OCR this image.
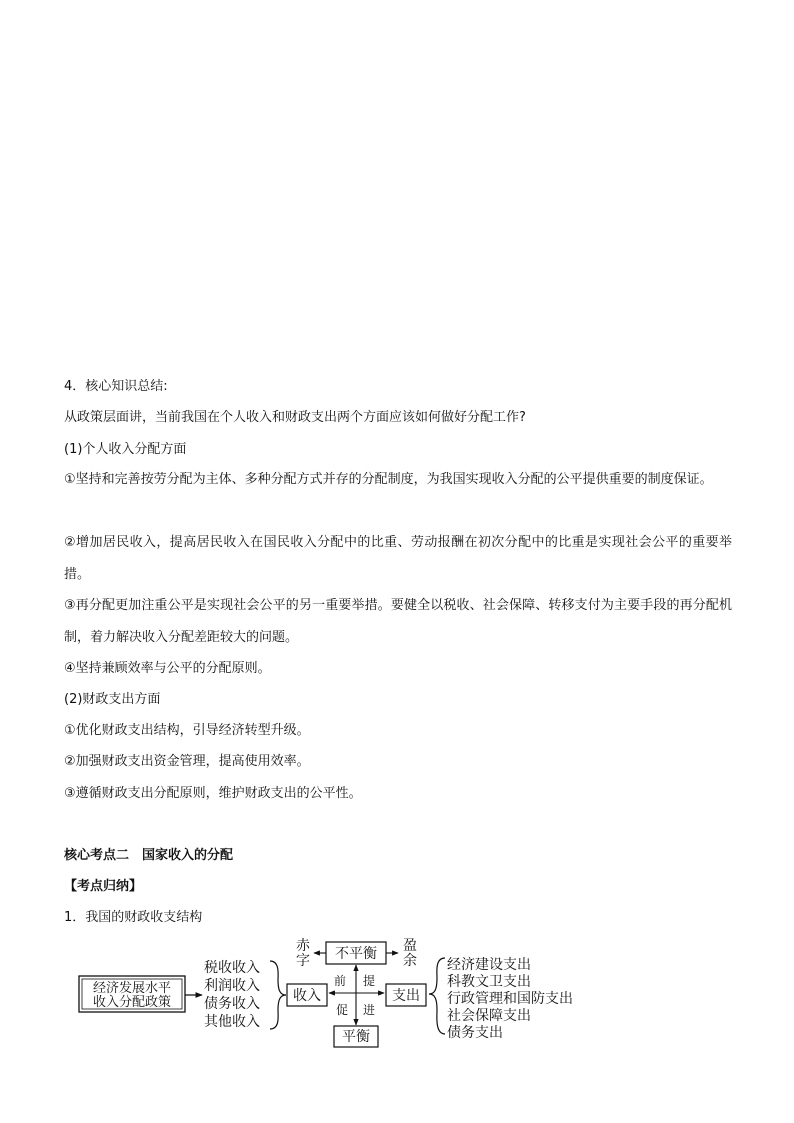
4．核心知识总结:
从政策层面讲，当前我国在个人收入和财政支出两个方面应该如何做好分配工作?
(1)个人收入分配方面
①坚持和完善按劳分配为主体、多种分配方式并存的分配制度，为我国实现收入分配的公平提供重要的制度保证。
②增加居民收入，提高居民收入在国民收入分配中的比重、劳动报酬在初次分配中的比重是实现社会公平的重要举措。
③再分配更加注重公平是实现社会公平的另一重要举措。要健全以税收、社会保障、转移支付为主要手段的再分配机制，着力解决收入分配差距较大的问题。
④坚持兼顾效率与公平的分配原则。
(2)财政支出方面
①优化财政支出结构，引导经济转型升级。
②加强财政支出资金管理，提高使用效率。
③遵循财政支出分配原则，维护财政支出的公平性。
核心考点二　国家收入的分配
【考点归纳】
1．我国的财政收支结构
经济发展水平
收入分配政策
税收收入
利润收入
债务收入
其他收入
收入	支出
前 提
促 进
不平衡
赤
字
盈
余
平衡
经济建设支出
科教文卫支出
行政管理和国防支出
社会保障支出
债务支出
